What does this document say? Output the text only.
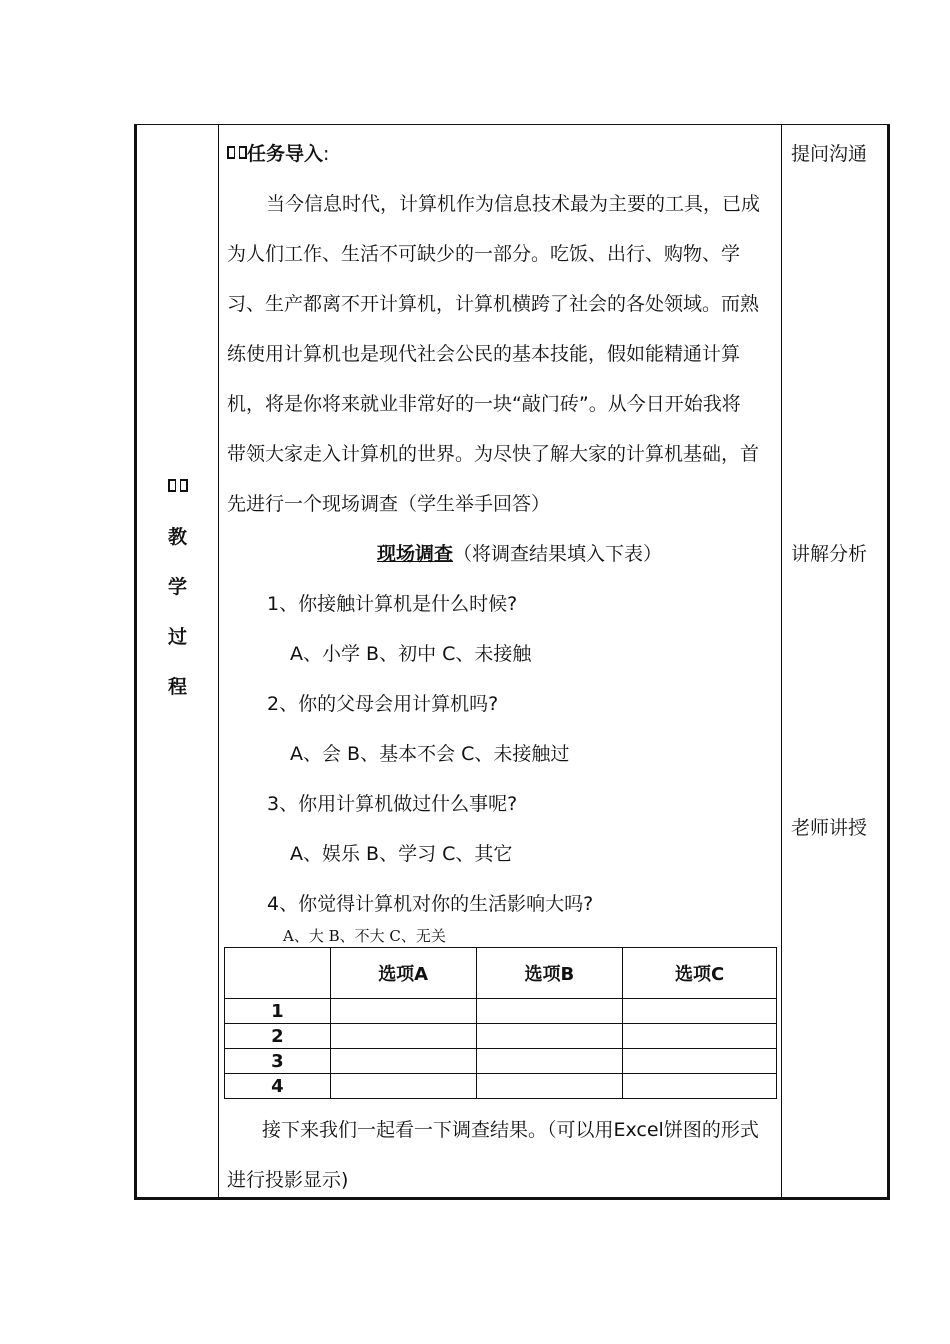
教
学
过
程
任务导入:
当今信息时代，计算机作为信息技术最为主要的工具，已成
为人们工作、生活不可缺少的一部分。吃饭、出行、购物、学
习、生产都离不开计算机，计算机横跨了社会的各处领域。而熟
练使用计算机也是现代社会公民的基本技能，假如能精通计算
机，将是你将来就业非常好的一块“敲门砖”。从今日开始我将
带领大家走入计算机的世界。为尽快了解大家的计算机基础，首
先进行一个现场调查（学生举手回答）
现场调查（将调查结果填入下表）
1、你接触计算机是什么时候?
A、小学 B、初中 C、未接触
2、你的父母会用计算机吗?
A、会 B、基本不会 C、未接触过
3、你用计算机做过什么事呢?
A、娱乐 B、学习 C、其它
4、你觉得计算机对你的生活影响大吗?
A、大 B、不大 C、无关
接下来我们一起看一下调查结果。（可以用Excel饼图的形式
进行投影显示)
	选项A	选项B	选项C
1			
2			
3			
4			
提问沟通
讲解分析
老师讲授
